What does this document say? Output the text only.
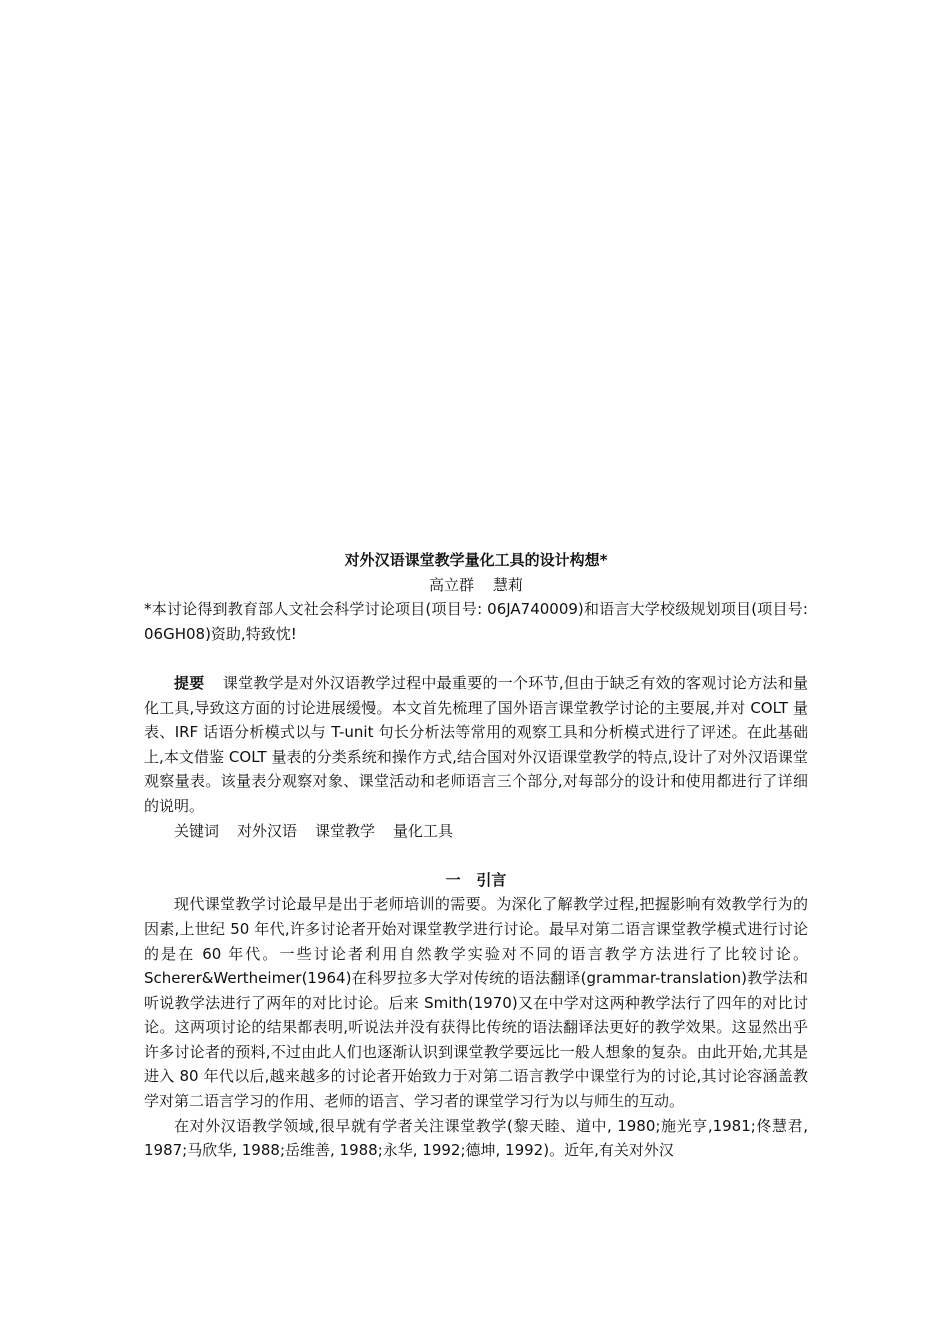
对外汉语课堂教学量化工具的设计构想*

高立群    慧莉

*本讨论得到教育部人文社会科学讨论项目(项目号: 06JA740009)和语言大学校级规划项目(项目号: 06GH08)资助,特致忱!

提要 课堂教学是对外汉语教学过程中最重要的一个环节,但由于缺乏有效的客观讨论方法和量化工具,导致这方面的讨论进展缓慢。本文首先梳理了国外语言课堂教学讨论的主要展,并对 COLT 量表、IRF 话语分析模式以与 T-unit 句长分析法等常用的观察工具和分析模式进行了评述。在此基础上,本文借鉴 COLT 量表的分类系统和操作方式,结合国对外汉语课堂教学的特点,设计了对外汉语课堂观察量表。该量表分观察对象、课堂活动和老师语言三个部分,对每部分的设计和使用都进行了详细的说明。

关键词 对外汉语 课堂教学 量化工具

一   引言

现代课堂教学讨论最早是出于老师培训的需要。为深化了解教学过程,把握影响有效教学行为的因素,上世纪 50 年代,许多讨论者开始对课堂教学进行讨论。最早对第二语言课堂教学模式进行讨论的是在 60 年代。一些讨论者利用自然教学实验对不同的语言教学方法进行了比较讨论。 Scherer&Wertheimer(1964)在科罗拉多大学对传统的语法翻译(grammar-translation)教学法和听说教学法进行了两年的对比讨论。后来 Smith(1970)又在中学对这两种教学法行了四年的对比讨论。这两项讨论的结果都表明,听说法并没有获得比传统的语法翻译法更好的教学效果。这显然出乎许多讨论者的预料,不过由此人们也逐渐认识到课堂教学要远比一般人想象的复杂。由此开始,尤其是进入 80 年代以后,越来越多的讨论者开始致力于对第二语言教学中课堂行为的讨论,其讨论容涵盖教学对第二语言学习的作用、老师的语言、学习者的课堂学习行为以与师生的互动。

在对外汉语教学领域,很早就有学者关注课堂教学(黎天睦、道中, 1980;施光亨,1981;佟慧君, 1987;马欣华, 1988;岳维善, 1988;永华, 1992;德坤, 1992)。近年,有关对外汉
